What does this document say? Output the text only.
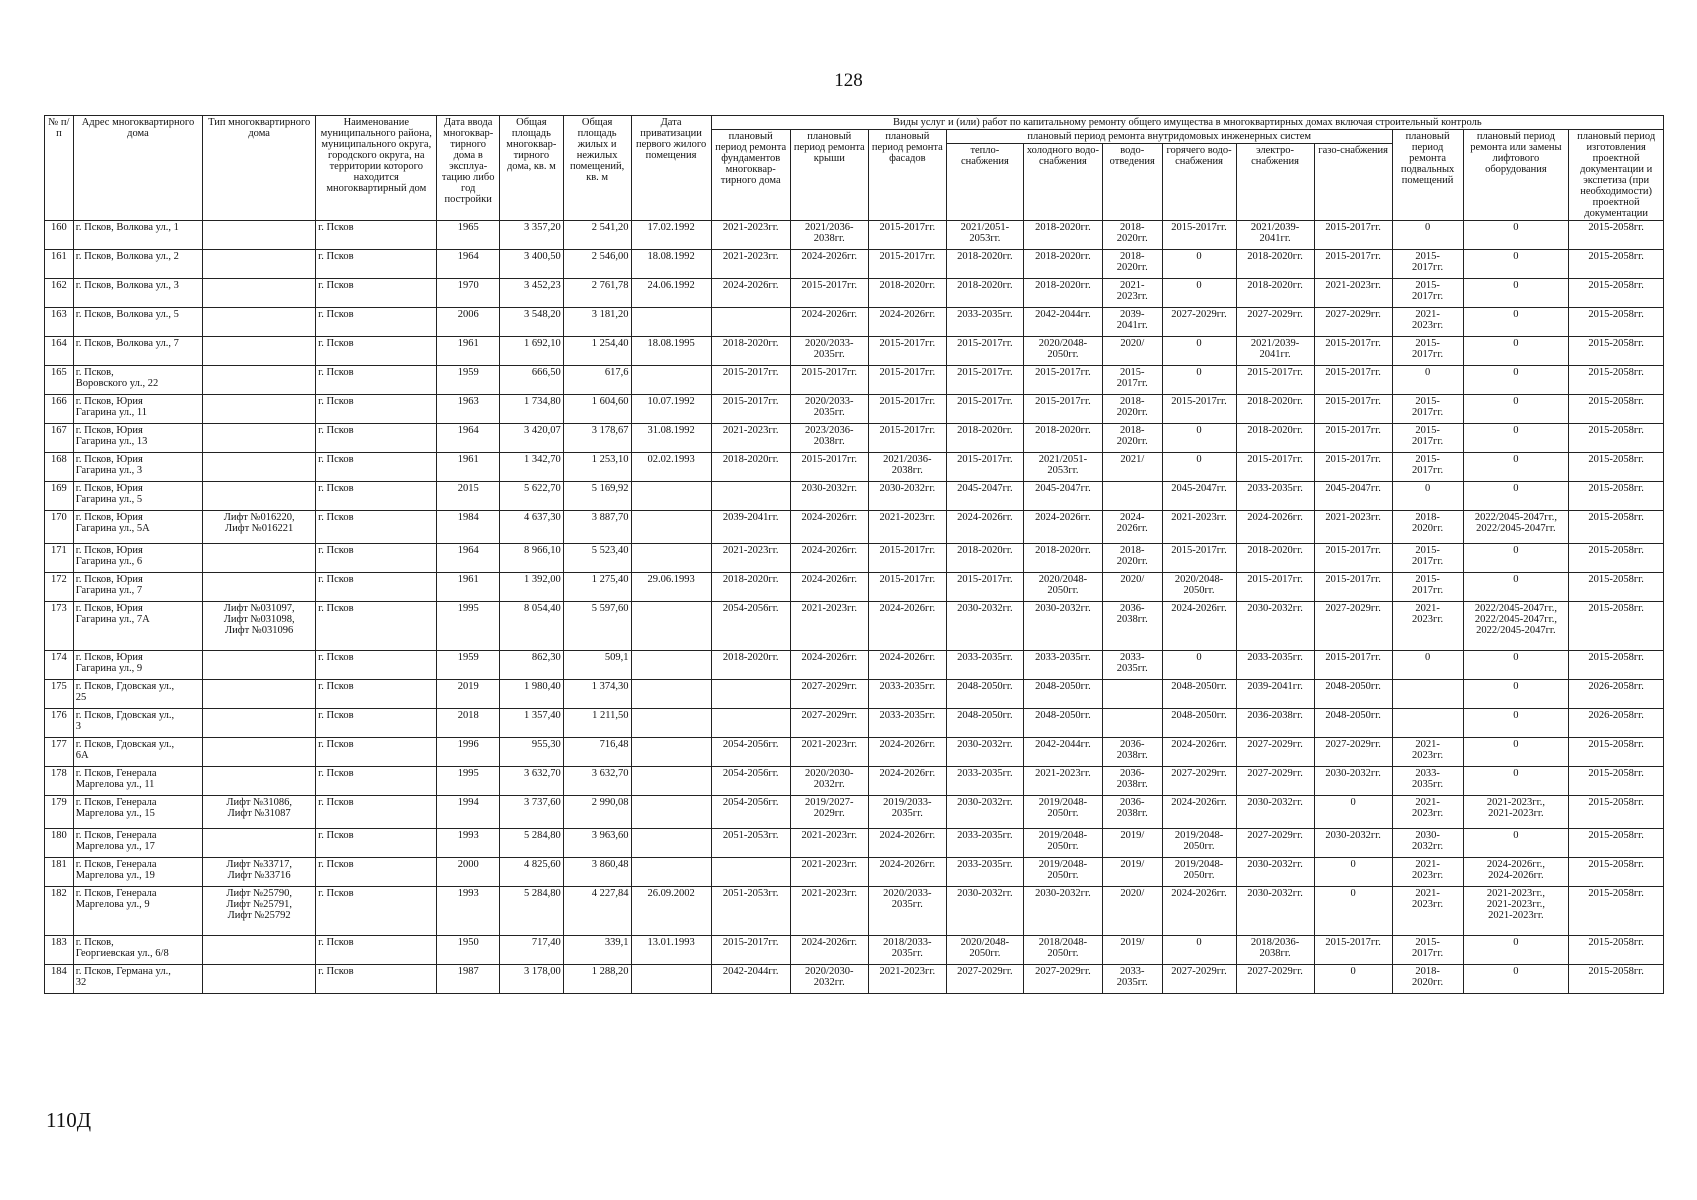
128
№ п/п	Адрес многоквартирного дома	Тип многоквартирного дома	Наименование муниципального района, муниципального округа, городского округа, на территории которого находится многоквартирный дом	Дата ввода многоквар-тирного дома в эксплуа-тацию либо год постройки	Общая площадь многоквар-тирного дома, кв. м	Общая площадь жилых и нежилых помещений, кв. м	Дата приватизации первого жилого помещения	Виды услуг и (или) работ по капитальному ремонту общего имущества в многоквартирных домах включая строительный контроль											
								плановый период ремонта фундаментов многоквар-тирного дома	плановый период ремонта крыши	плановый период ремонта фасадов	плановый период ремонта внутридомовых инженерных систем						плановый период ремонта подвальных помещений	плановый период ремонта или замены лифтового оборудования	плановый период изготовления проектной документации и экспетиза (при необходимости) проектной документации
											тепло-снабжения	холодного водо-снабжения	водо-отведения	горячего водо-снабжения	электро-снабжения	газо-снабжения			
160	г. Псков, Волкова ул., 1		г. Псков	1965	3 357,20	2 541,20	17.02.1992	2021-2023гг.	2021/2036-
2038гг.	2015-2017гг.	2021/2051-
2053гг.	2018-2020гг.	2018-
2020гг.	2015-2017гг.	2021/2039-
2041гг.	2015-2017гг.	0	0	2015-2058гг.
161	г. Псков, Волкова ул., 2		г. Псков	1964	3 400,50	2 546,00	18.08.1992	2021-2023гг.	2024-2026гг.	2015-2017гг.	2018-2020гг.	2018-2020гг.	2018-
2020гг.	0	2018-2020гг.	2015-2017гг.	2015-
2017гг.	0	2015-2058гг.
162	г. Псков, Волкова ул., 3		г. Псков	1970	3 452,23	2 761,78	24.06.1992	2024-2026гг.	2015-2017гг.	2018-2020гг.	2018-2020гг.	2018-2020гг.	2021-
2023гг.	0	2018-2020гг.	2021-2023гг.	2015-
2017гг.	0	2015-2058гг.
163	г. Псков, Волкова ул., 5		г. Псков	2006	3 548,20	3 181,20			2024-2026гг.	2024-2026гг.	2033-2035гг.	2042-2044гг.	2039-
2041гг.	2027-2029гг.	2027-2029гг.	2027-2029гг.	2021-
2023гг.	0	2015-2058гг.
164	г. Псков, Волкова ул., 7		г. Псков	1961	1 692,10	1 254,40	18.08.1995	2018-2020гг.	2020/2033-
2035гг.	2015-2017гг.	2015-2017гг.	2020/2048-
2050гг.	2020/	0	2021/2039-
2041гг.	2015-2017гг.	2015-
2017гг.	0	2015-2058гг.
165	г. Псков,
Воровского ул., 22		г. Псков	1959	666,50	617,6		2015-2017гг.	2015-2017гг.	2015-2017гг.	2015-2017гг.	2015-2017гг.	2015-
2017гг.	0	2015-2017гг.	2015-2017гг.	0	0	2015-2058гг.
166	г. Псков, Юрия
Гагарина ул., 11		г. Псков	1963	1 734,80	1 604,60	10.07.1992	2015-2017гг.	2020/2033-
2035гг.	2015-2017гг.	2015-2017гг.	2015-2017гг.	2018-
2020гг.	2015-2017гг.	2018-2020гг.	2015-2017гг.	2015-
2017гг.	0	2015-2058гг.
167	г. Псков, Юрия
Гагарина ул., 13		г. Псков	1964	3 420,07	3 178,67	31.08.1992	2021-2023гг.	2023/2036-
2038гг.	2015-2017гг.	2018-2020гг.	2018-2020гг.	2018-
2020гг.	0	2018-2020гг.	2015-2017гг.	2015-
2017гг.	0	2015-2058гг.
168	г. Псков, Юрия
Гагарина ул., 3		г. Псков	1961	1 342,70	1 253,10	02.02.1993	2018-2020гг.	2015-2017гг.	2021/2036-
2038гг.	2015-2017гг.	2021/2051-
2053гг.	2021/	0	2015-2017гг.	2015-2017гг.	2015-
2017гг.	0	2015-2058гг.
169	г. Псков, Юрия
Гагарина ул., 5		г. Псков	2015	5 622,70	5 169,92			2030-2032гг.	2030-2032гг.	2045-2047гг.	2045-2047гг.		2045-2047гг.	2033-2035гг.	2045-2047гг.	0	0	2015-2058гг.
170	г. Псков, Юрия
Гагарина ул., 5А	Лифт №016220,
Лифт №016221	г. Псков	1984	4 637,30	3 887,70		2039-2041гг.	2024-2026гг.	2021-2023гг.	2024-2026гг.	2024-2026гг.	2024-
2026гг.	2021-2023гг.	2024-2026гг.	2021-2023гг.	2018-
2020гг.	2022/2045-2047гг.,
2022/2045-2047гг.	2015-2058гг.
171	г. Псков, Юрия
Гагарина ул., 6		г. Псков	1964	8 966,10	5 523,40		2021-2023гг.	2024-2026гг.	2015-2017гг.	2018-2020гг.	2018-2020гг.	2018-
2020гг.	2015-2017гг.	2018-2020гг.	2015-2017гг.	2015-
2017гг.	0	2015-2058гг.
172	г. Псков, Юрия
Гагарина ул., 7		г. Псков	1961	1 392,00	1 275,40	29.06.1993	2018-2020гг.	2024-2026гг.	2015-2017гг.	2015-2017гг.	2020/2048-
2050гг.	2020/	2020/2048-
2050гг.	2015-2017гг.	2015-2017гг.	2015-
2017гг.	0	2015-2058гг.
173	г. Псков, Юрия
Гагарина ул., 7А	Лифт №031097,
Лифт №031098,
Лифт №031096	г. Псков	1995	8 054,40	5 597,60		2054-2056гг.	2021-2023гг.	2024-2026гг.	2030-2032гг.	2030-2032гг.	2036-
2038гг.	2024-2026гг.	2030-2032гг.	2027-2029гг.	2021-
2023гг.	2022/2045-2047гг.,
2022/2045-2047гг.,
2022/2045-2047гг.	2015-2058гг.
174	г. Псков, Юрия
Гагарина ул., 9		г. Псков	1959	862,30	509,1		2018-2020гг.	2024-2026гг.	2024-2026гг.	2033-2035гг.	2033-2035гг.	2033-
2035гг.	0	2033-2035гг.	2015-2017гг.	0	0	2015-2058гг.
175	г. Псков, Гдовская ул.,
25		г. Псков	2019	1 980,40	1 374,30			2027-2029гг.	2033-2035гг.	2048-2050гг.	2048-2050гг.		2048-2050гг.	2039-2041гг.	2048-2050гг.		0	2026-2058гг.
176	г. Псков, Гдовская ул.,
3		г. Псков	2018	1 357,40	1 211,50			2027-2029гг.	2033-2035гг.	2048-2050гг.	2048-2050гг.		2048-2050гг.	2036-2038гг.	2048-2050гг.		0	2026-2058гг.
177	г. Псков, Гдовская ул.,
6А		г. Псков	1996	955,30	716,48		2054-2056гг.	2021-2023гг.	2024-2026гг.	2030-2032гг.	2042-2044гг.	2036-
2038гг.	2024-2026гг.	2027-2029гг.	2027-2029гг.	2021-
2023гг.	0	2015-2058гг.
178	г. Псков, Генерала
Маргелова ул., 11		г. Псков	1995	3 632,70	3 632,70		2054-2056гг.	2020/2030-
2032гг.	2024-2026гг.	2033-2035гг.	2021-2023гг.	2036-
2038гг.	2027-2029гг.	2027-2029гг.	2030-2032гг.	2033-
2035гг.	0	2015-2058гг.
179	г. Псков, Генерала
Маргелова ул., 15	Лифт №31086,
Лифт №31087	г. Псков	1994	3 737,60	2 990,08		2054-2056гг.	2019/2027-
2029гг.	2019/2033-
2035гг.	2030-2032гг.	2019/2048-
2050гг.	2036-
2038гг.	2024-2026гг.	2030-2032гг.	0	2021-
2023гг.	2021-2023гг.,
2021-2023гг.	2015-2058гг.
180	г. Псков, Генерала
Маргелова ул., 17		г. Псков	1993	5 284,80	3 963,60		2051-2053гг.	2021-2023гг.	2024-2026гг.	2033-2035гг.	2019/2048-
2050гг.	2019/	2019/2048-
2050гг.	2027-2029гг.	2030-2032гг.	2030-
2032гг.	0	2015-2058гг.
181	г. Псков, Генерала
Маргелова ул., 19	Лифт №33717,
Лифт №33716	г. Псков	2000	4 825,60	3 860,48			2021-2023гг.	2024-2026гг.	2033-2035гг.	2019/2048-
2050гг.	2019/	2019/2048-
2050гг.	2030-2032гг.	0	2021-
2023гг.	2024-2026гг.,
2024-2026гг.	2015-2058гг.
182	г. Псков, Генерала
Маргелова ул., 9	Лифт №25790,
Лифт №25791,
Лифт №25792	г. Псков	1993	5 284,80	4 227,84	26.09.2002	2051-2053гг.	2021-2023гг.	2020/2033-
2035гг.	2030-2032гг.	2030-2032гг.	2020/	2024-2026гг.	2030-2032гг.	0	2021-
2023гг.	2021-2023гг.,
2021-2023гг.,
2021-2023гг.	2015-2058гг.
183	г. Псков,
Георгиевская ул., 6/8		г. Псков	1950	717,40	339,1	13.01.1993	2015-2017гг.	2024-2026гг.	2018/2033-
2035гг.	2020/2048-
2050гг.	2018/2048-
2050гг.	2019/	0	2018/2036-
2038гг.	2015-2017гг.	2015-
2017гг.	0	2015-2058гг.
184	г. Псков, Германа ул.,
32		г. Псков	1987	3 178,00	1 288,20		2042-2044гг.	2020/2030-
2032гг.	2021-2023гг.	2027-2029гг.	2027-2029гг.	2033-
2035гг.	2027-2029гг.	2027-2029гг.	0	2018-
2020гг.	0	2015-2058гг.
110Д
